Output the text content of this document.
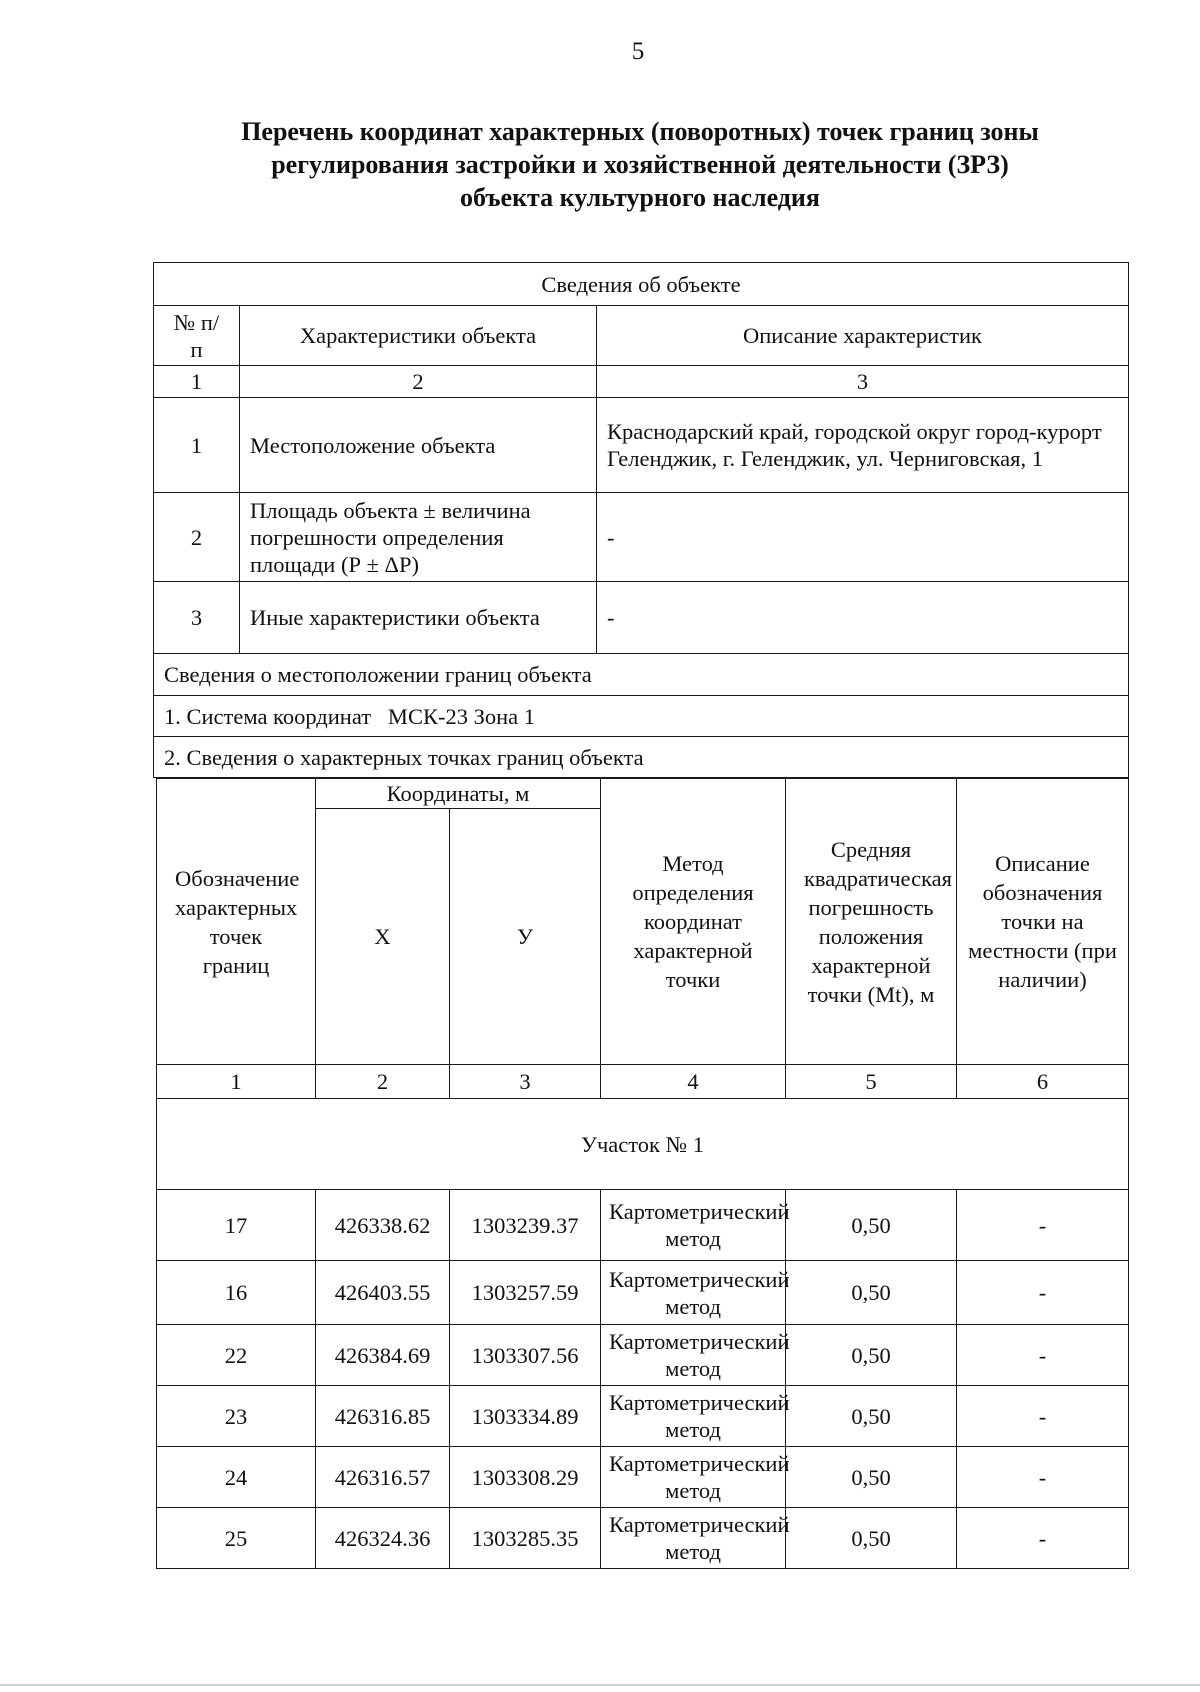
5
Перечень координат характерных (поворотных) точек границ зоны
регулирования застройки и хозяйственной деятельности (ЗРЗ)
объекта культурного наследия
Сведения об объекте
№ п/п	Характеристики объекта	Описание характеристик
1	2	3
1	Местоположение объекта	Краснодарский край, городской округ город-курорт Геленджик, г. Геленджик, ул. Черниговская, 1
2	Площадь объекта ± величина погрешности определения площади (Р ± ΔР)	-
3	Иные характеристики объекта	-
Сведения о местоположении границ объекта		
1. Система координат   МСК-23 Зона 1		
2. Сведения о характерных точках границ объекта		
Обозначение характерных точек границ	Координаты, м		Метод определения координат характерной точки	Средняя квадратическая погрешность положения характерной точки (Mt), м	Описание обозначения точки на местности (при наличии)
	Х	У			
1	2	3	4	5	6
Участок № 1					
17	426338.62	1303239.37	Картометрический метод	0,50	-
16	426403.55	1303257.59	Картометрический метод	0,50	-
22	426384.69	1303307.56	Картометрический метод	0,50	-
23	426316.85	1303334.89	Картометрический метод	0,50	-
24	426316.57	1303308.29	Картометрический метод	0,50	-
25	426324.36	1303285.35	Картометрический метод	0,50	-
